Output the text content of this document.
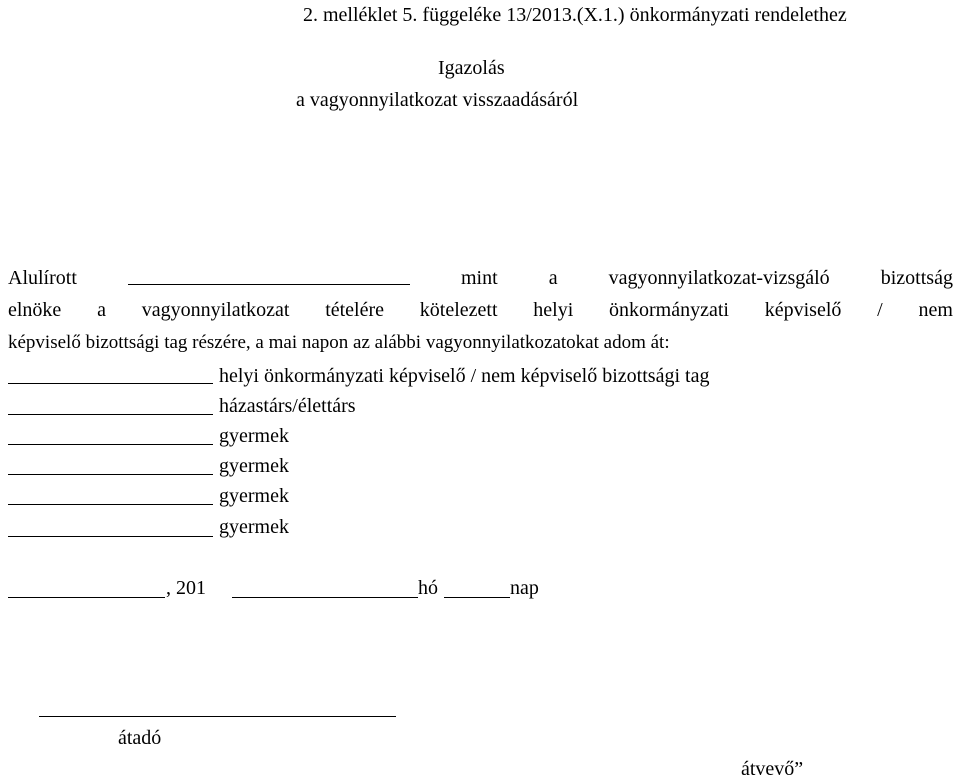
2. melléklet 5. függeléke 13/2013.(X.1.) önkormányzati rendelethez
Igazolás
a vagyonnyilatkozat visszaadásáról
Alulírott	mint	a	vagyonnyilatkozat-vizsgáló	bizottság
elnöke a vagyonnyilatkozat tételére kötelezett helyi önkormányzati képviselő / nem
képviselő bizottsági tag részére, a mai napon az alábbi vagyonnyilatkozatokat adom át:
helyi önkormányzati képviselő / nem képviselő bizottsági tag
házastárs/élettárs
gyermek
gyermek
gyermek
gyermek
, 201	hó	nap
átadó
átvevő”
